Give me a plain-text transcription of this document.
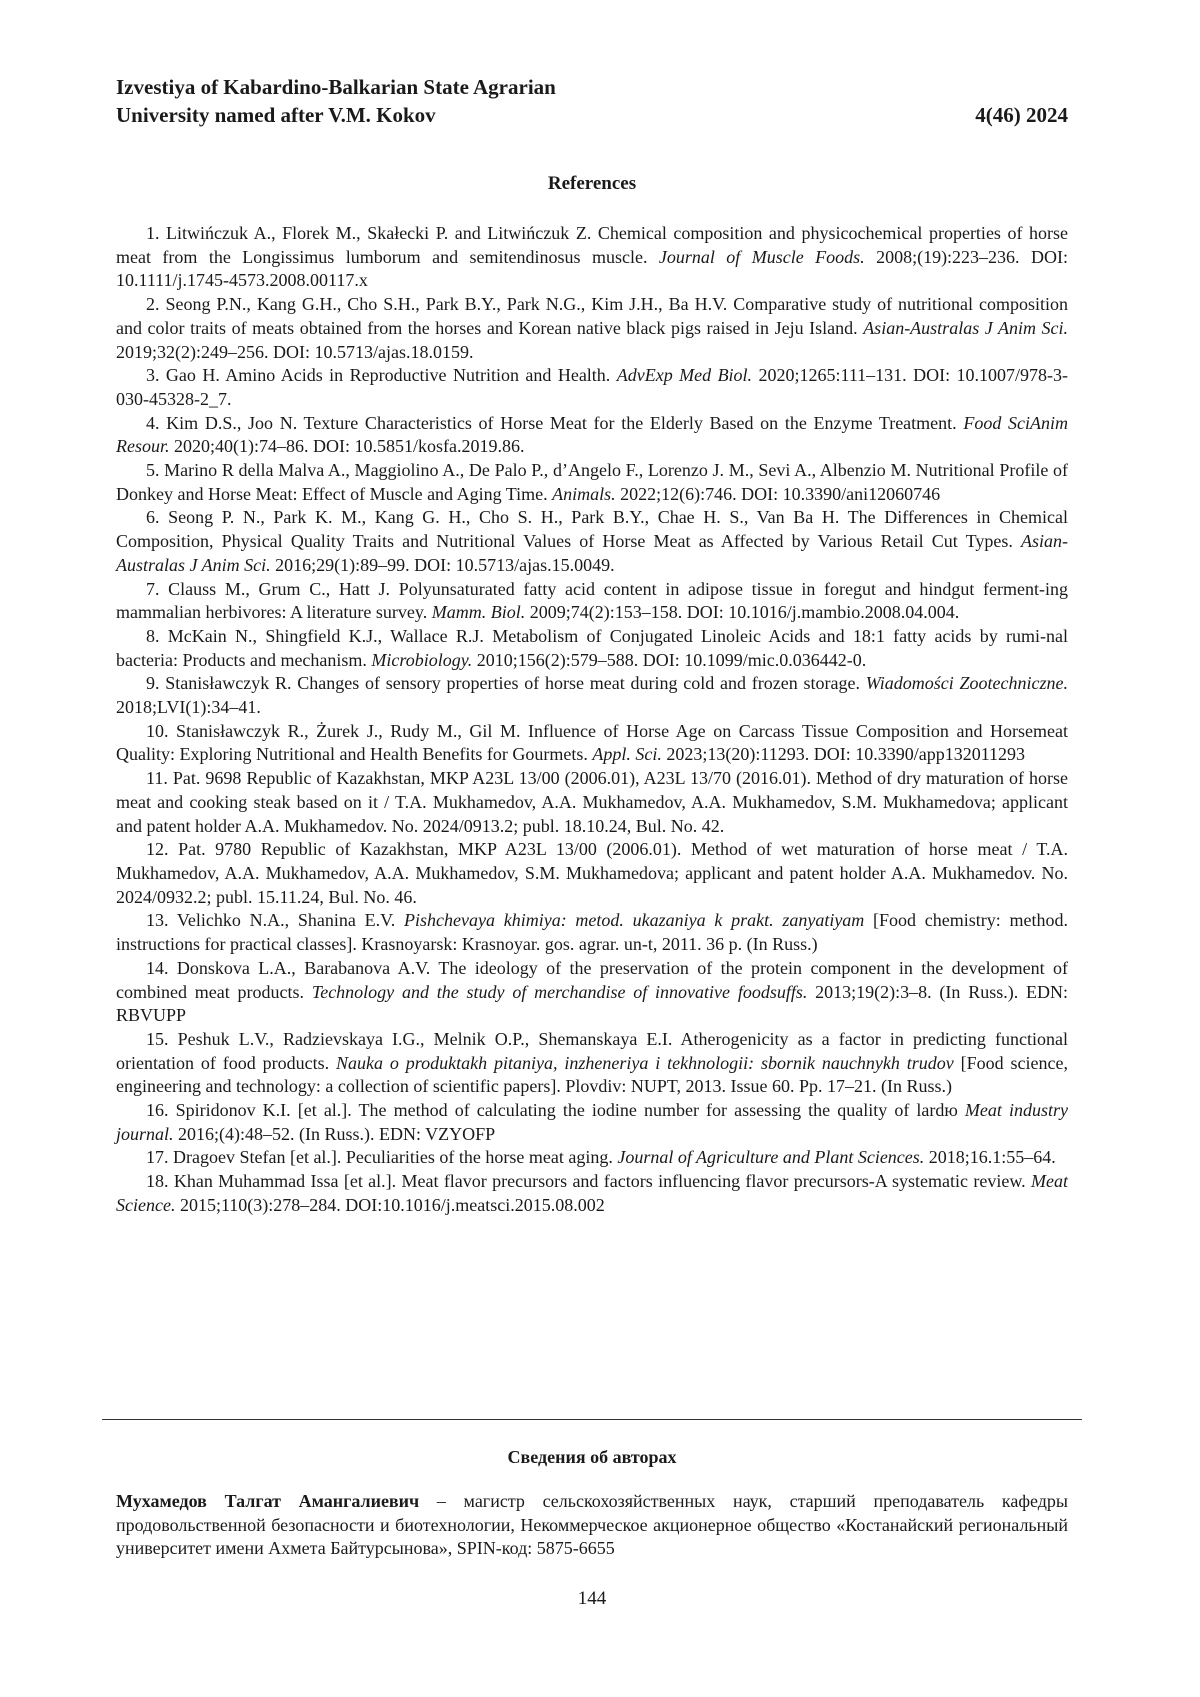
Izvestiya of Kabardino-Balkarian State Agrarian
University named after V.M. Kokov	4(46) 2024
References
1. Litwińczuk A., Florek M., Skałecki P. and Litwińczuk Z. Chemical composition and physicochemical properties of horse meat from the Longissimus lumborum and semitendinosus muscle. Journal of Muscle Foods. 2008;(19):223–236. DOI: 10.1111/j.1745-4573.2008.00117.x
2. Seong P.N., Kang G.H., Cho S.H., Park B.Y., Park N.G., Kim J.H., Ba H.V. Comparative study of nutritional composition and color traits of meats obtained from the horses and Korean native black pigs raised in Jeju Island. Asian-Australas J Anim Sci. 2019;32(2):249–256. DOI: 10.5713/ajas.18.0159.
3. Gao H. Amino Acids in Reproductive Nutrition and Health. AdvExp Med Biol. 2020;1265:111–131. DOI: 10.1007/978-3-030-45328-2_7.
4. Kim D.S., Joo N. Texture Characteristics of Horse Meat for the Elderly Based on the Enzyme Treatment. Food SciAnim Resour. 2020;40(1):74–86. DOI: 10.5851/kosfa.2019.86.
5. Marino R della Malva A., Maggiolino A., De Palo P., d’Angelo F., Lorenzo J. M., Sevi A., Albenzio M. Nutritional Profile of Donkey and Horse Meat: Effect of Muscle and Aging Time. Animals. 2022;12(6):746. DOI: 10.3390/ani12060746
6. Seong P. N., Park K. M., Kang G. H., Cho S. H., Park B.Y., Chae H. S., Van Ba H. The Differences in Chemical Composition, Physical Quality Traits and Nutritional Values of Horse Meat as Affected by Various Retail Cut Types. Asian-Australas J Anim Sci. 2016;29(1):89–99. DOI: 10.5713/ajas.15.0049.
7. Clauss M., Grum C., Hatt J. Polyunsaturated fatty acid content in adipose tissue in foregut and hindgut ferment-ing mammalian herbivores: A literature survey. Mamm. Biol. 2009;74(2):153–158. DOI: 10.1016/j.mambio.2008.04.004.
8. McKain N., Shingfield K.J., Wallace R.J. Metabolism of Conjugated Linoleic Acids and 18:1 fatty acids by rumi-nal bacteria: Products and mechanism. Microbiology. 2010;156(2):579–588. DOI: 10.1099/mic.0.036442-0.
9. Stanisławczyk R. Changes of sensory properties of horse meat during cold and frozen storage. Wiadomości Zootechniczne. 2018;LVI(1):34–41.
10. Stanisławczyk R., Żurek J., Rudy M., Gil M. Influence of Horse Age on Carcass Tissue Composition and Horsemeat Quality: Exploring Nutritional and Health Benefits for Gourmets. Appl. Sci. 2023;13(20):11293. DOI: 10.3390/app132011293
11. Pat. 9698 Republic of Kazakhstan, MKP A23L 13/00 (2006.01), A23L 13/70 (2016.01). Method of dry maturation of horse meat and cooking steak based on it / T.A. Mukhamedov, A.A. Mukhamedov, A.A. Mukhamedov, S.M. Mukhamedova; applicant and patent holder A.A. Mukhamedov. No. 2024/0913.2; publ. 18.10.24, Bul. No. 42.
12. Pat. 9780 Republic of Kazakhstan, MKP A23L 13/00 (2006.01). Method of wet maturation of horse meat / T.A. Mukhamedov, A.A. Mukhamedov, A.A. Mukhamedov, S.M. Mukhamedova; applicant and patent holder A.A. Mukhamedov. No. 2024/0932.2; publ. 15.11.24, Bul. No. 46.
13. Velichko N.A., Shanina E.V. Pishchevaya khimiya: metod. ukazaniya k prakt. zanyatiyam [Food chemistry: method. instructions for practical classes]. Krasnoyarsk: Krasnoyar. gos. agrar. un-t, 2011. 36 p. (In Russ.)
14. Donskova L.A., Barabanova A.V. The ideology of the preservation of the protein component in the development of combined meat products. Technology and the study of merchandise of innovative foodsuffs. 2013;19(2):3–8. (In Russ.). EDN: RBVUPP
15. Peshuk L.V., Radzievskaya I.G., Melnik O.P., Shemanskaya E.I. Atherogenicity as a factor in predicting functional orientation of food products. Nauka o produktakh pitaniya, inzheneriya i tekhnologii: sbornik nauchnykh trudov [Food science, engineering and technology: a collection of scientific papers]. Plovdiv: NUPT, 2013. Issue 60. Pp. 17–21. (In Russ.)
16. Spiridonov K.I. [et al.]. The method of calculating the iodine number for assessing the quality of lardю Meat industry journal. 2016;(4):48–52. (In Russ.). EDN: VZYOFP
17. Dragoev Stefan [et al.]. Peculiarities of the horse meat aging. Journal of Agriculture and Plant Sciences. 2018;16.1:55–64.
18. Khan Muhammad Issa [et al.]. Meat flavor precursors and factors influencing flavor precursors-A systematic review. Meat Science. 2015;110(3):278–284. DOI:10.1016/j.meatsci.2015.08.002
Сведения об авторах
Мухамедов Талгат Амангалиевич – магистр сельскохозяйственных наук, старший преподаватель кафедры продовольственной безопасности и биотехнологии, Некоммерческое акционерное общество «Костанайский региональный университет имени Ахмета Байтурсынова», SPIN-код: 5875-6655
144
